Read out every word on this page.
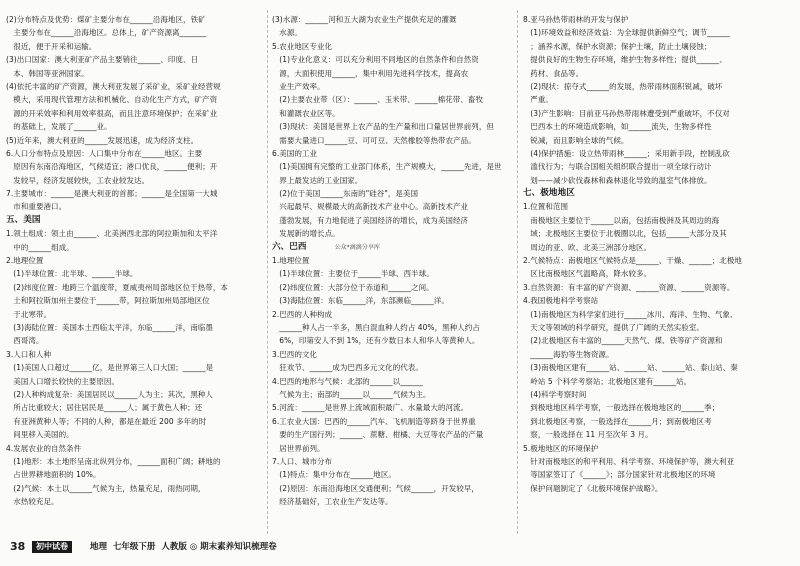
(2)分布特点及优势：煤矿主要分布在______沿海地区，铁矿
主要分布在______沿海地区。总体上，矿产资源离_______
很近，便于开采和运输。
(3)出口国家：澳大利亚矿产品主要销往______、印度、日
本、韩国等亚洲国家。
(4)依托丰富的矿产资源，澳大利亚发展了采矿业，采矿业经营规
模大，采用现代管理方法和机械化、自动化生产方式，矿产资
源的开采效率和利用效率很高，而且注意环境保护；在采矿业
的基础上，发展了______业。
(5)近年来，澳大利亚的______发展迅速，成为经济支柱。
6.人口分布特点及原因：人口集中分布在______地区。主要
原因有东南沿海地区，气候适宜；港口优良，______便利；开
发较早，经济发展较快，工农业较发达。
7.主要城市：______是澳大利亚的首都；______是全国第一大城
市和重要港口。
五、美国
1.领土组成：领土由______、北美洲西北部的阿拉斯加和太平洋
中的______组成。
2.地理位置
(1)半球位置：北半球、______半球。
(2)纬度位置：地跨三个温度带，夏威夷州局部地区位于热带，本
土和阿拉斯加州主要位于______带，阿拉斯加州局部地区位
于北寒带。
(3)海陆位置：美国本土西临太平洋，东临______洋，南临墨
西哥湾。
3.人口和人种
(1)美国人口超过______亿，是世界第三人口大国；______是
美国人口增长较快的主要原因。
(2)人种构成复杂：美国居民以______人为主；其次，黑种人
所占比重较大；居住居民是______人；属于黄色人种；还
有亚洲黄种人等；不同的人种，都是在最近 200 多年的时
间里移入美国的。
4.发展农业的自然条件
(1)地形：本土地形呈南北纵列分布，______面积广阔；耕地的
占世界耕地面积的 10%。
(2)气候：本土以______气候为主，热量充足，雨热同期，
水热较充足。
(3)水源：______河和五大湖为农业生产提供充足的灌溉
水源。
5.农业地区专业化
(1)专业化意义：可以充分利用不同地区的自然条件和自然资
源，大面积使用______，集中利用先进科学技术，提高农
业生产效率。
(2)主要农业带（区）：______、玉米带、______棉花带、畜牧
和灌溉农业区等。
(3)现状：美国是世界上农产品的生产量和出口量居世界前列，但
需要大量进口______豆、可可豆、天然橡胶等热带农产品。
6.美国的工业
(1)美国拥有完整的工业部门体系，生产规模大，______先进，是世
界上最发达的工业国家。
(2)位于美国______东南的"硅谷"，是美国
兴起最早、规模最大的高新技术产业中心。高新技术产业
蓬勃发展，有力地促进了美国经济的增长，成为美国经济
发展新的增长点。
六、巴西	公众*滴滴分享库
1.地理位置
(1)半球位置：主要位于______半球、西半球。
(2)纬度位置：大部分位于赤道和______之间。
(3)海陆位置：东临______洋，东部濒临______洋。
2.巴西的人种构成
______种人占一半多，黑白混血种人约占 40%，黑种人约占
6%，印第安人不到 1%，还有少数日本人和华人等黄种人。
3.巴西的文化
狂欢节、______成为巴西多元文化的代表。
4.巴西的地形与气候：北部的______以______
气候为主；南部的______以______气候为主。
5.河流：______是世界上流域面积最广、水量最大的河流。
6.工农业大国：巴西的______汽车、飞机制造等跻身于世界重
要的生产国行列；______、蔗糖、柑橘、大豆等农产品的产量
居世界前列。
7.人口、城市分布
(1)特点：集中分布在______地区。
(2)原因：东南沿海地区交通便利；气候______，开发较早，
经济基础好，工农业生产发达等。
8.亚马孙热带雨林的开发与保护
(1)环境效益和经济效益：为全球提供新鲜空气；调节______
；涵养水源，保护水资源；保护土壤，防止土壤侵蚀；
提供良好的生物生存环境，维护生物多样性；提供______、
药材、食品等。
(2)现状：掠夺式______的发展，热带雨林面积锐减，破坏
严重。
(3)产生影响：目前亚马孙热带雨林遭受到严重破坏，不仅对
巴西本土的环境造成影响，如______流失，生物多样性
锐减，而且影响全球的气候。
(4)保护措施：设立热带雨林______；采用新手段，控制乱砍
滥伐行为；与联合国相关组织联合提出一项全球行动计
划——减少砍伐森林和森林退化导致的温室气体排放。
七、极地地区
1.位置和范围
南极地区主要位于______以南，包括南极洲及其周边的海
域；北极地区主要位于北极圈以北，包括______大部分及其
周边的亚、欧、北美三洲部分地区。
2.气候特点：南极地区气候特点是______、干燥、______；北极地
区比南极地区气温略高，降水较多。
3.自然资源：有丰富的矿产资源、______资源、______资源等。
4.我国极地科学考察站
(1)南极地区为科学家们进行______冰川、海洋、生物、气象、
天文等领域的科学研究，提供了广阔的天然实验室。
(2)北极地区有丰富的______天然气、煤、铁等矿产资源和
______海豹等生物资源。
(3)南极地区建有______站、______站、______站、泰山站、秦
岭站 5 个科学考察站；北极地区建有______站。
(4)科学考察时间
到极地地区科学考察，一般选择在极地地区的______季；
到北极地区考察，一般选择在______月；到南极地区考
察，一般选择在 11 月至次年 3 月。
5.极地地区的环境保护
针对南极地区的和平利用、科学考察、环境保护等，澳大利亚
等国家签订了《______》；部分国家针对北极地区的环境
保护问题制定了《北极环境保护战略》。
38	初中试卷	地理  七年级下册  人教版 ◎ 期末素养知识梳理卷
